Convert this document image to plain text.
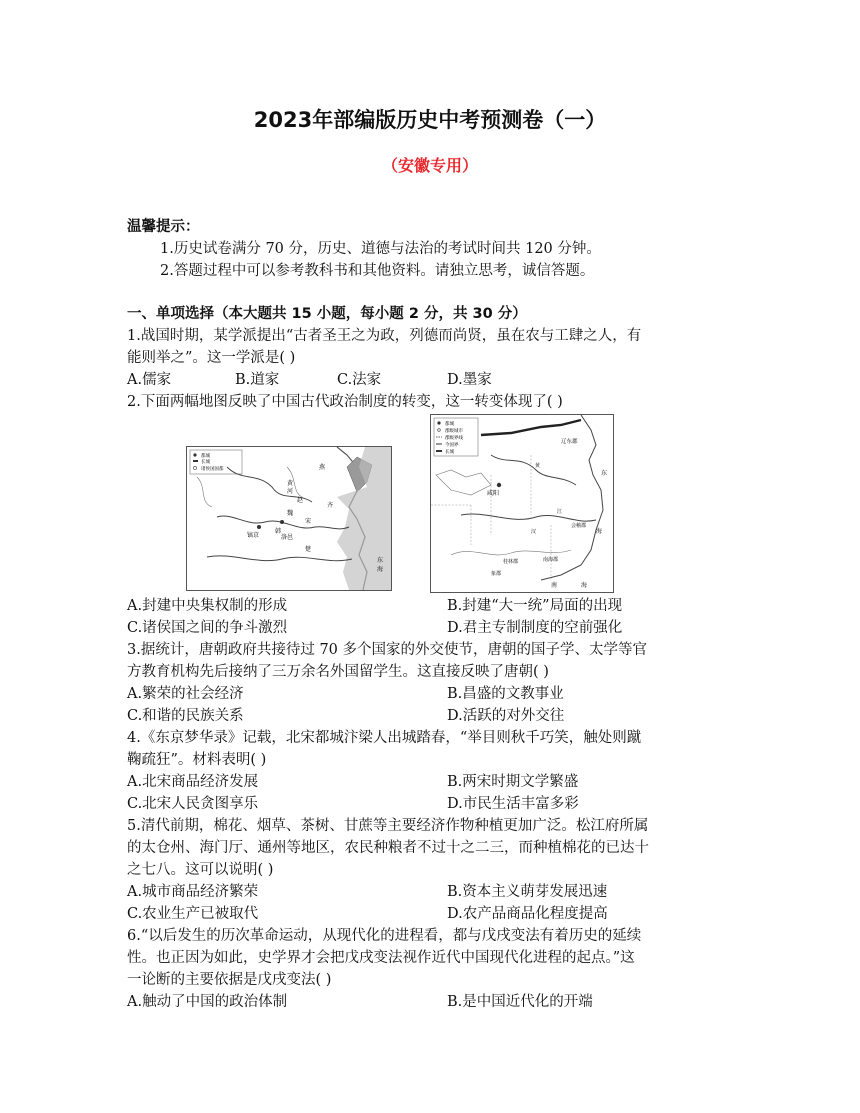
2023年部编版历史中考预测卷（一）
（安徽专用）
温馨提示：
1.历史试卷满分 70 分，历史、道德与法治的考试时间共 120 分钟。
2.答题过程中可以参考教科书和其他资料。请独立思考，诚信答题。
一、单项选择（本大题共 15 小题，每小题 2 分，共 30 分）
1.战国时期，某学派提出“古者圣王之为政，列德而尚贤，虽在农与工肆之人，有
能则举之”。这一学派是( )
A.儒家	B.道家	C.法家	D.墨家
2.下面两幅地图反映了中国古代政治制度的转变，这一转变体现了( )
都城
长城
诸侯国国都
黄
河
燕
赵
齐
魏
韩
镐京	洛邑
宋
楚
东
海
都城
郡级城市
郡级界线
今国界
长城
辽东郡
东
海
咸阳
会稽郡
桂林郡	南海郡
象郡
南	海
汉
江
黄
A.封建中央集权制的形成	B.封建“大一统”局面的出现
C.诸侯国之间的争斗激烈	D.君主专制制度的空前强化
3.据统计，唐朝政府共接待过 70 多个国家的外交使节，唐朝的国子学、太学等官
方教育机构先后接纳了三万余名外国留学生。这直接反映了唐朝( )
A.繁荣的社会经济	B.昌盛的文教事业
C.和谐的民族关系	D.活跃的对外交往
4.《东京梦华录》记载，北宋都城汴梁人出城踏春，“举目则秋千巧笑，触处则蹴
鞠疏狂”。材料表明( )
A.北宋商品经济发展	B.两宋时期文学繁盛
C.北宋人民贪图享乐	D.市民生活丰富多彩
5.清代前期，棉花、烟草、茶树、甘蔗等主要经济作物种植更加广泛。松江府所属
的太仓州、海门厅、通州等地区，农民种粮者不过十之二三，而种植棉花的已达十
之七八。这可以说明( )
A.城市商品经济繁荣	B.资本主义萌芽发展迅速
C.农业生产已被取代	D.农产品商品化程度提高
6.“以后发生的历次革命运动，从现代化的进程看，都与戊戌变法有着历史的延续
性。也正因为如此，史学界才会把戊戌变法视作近代中国现代化进程的起点。”这
一论断的主要依据是戊戌变法( )
A.触动了中国的政治体制	B.是中国近代化的开端
